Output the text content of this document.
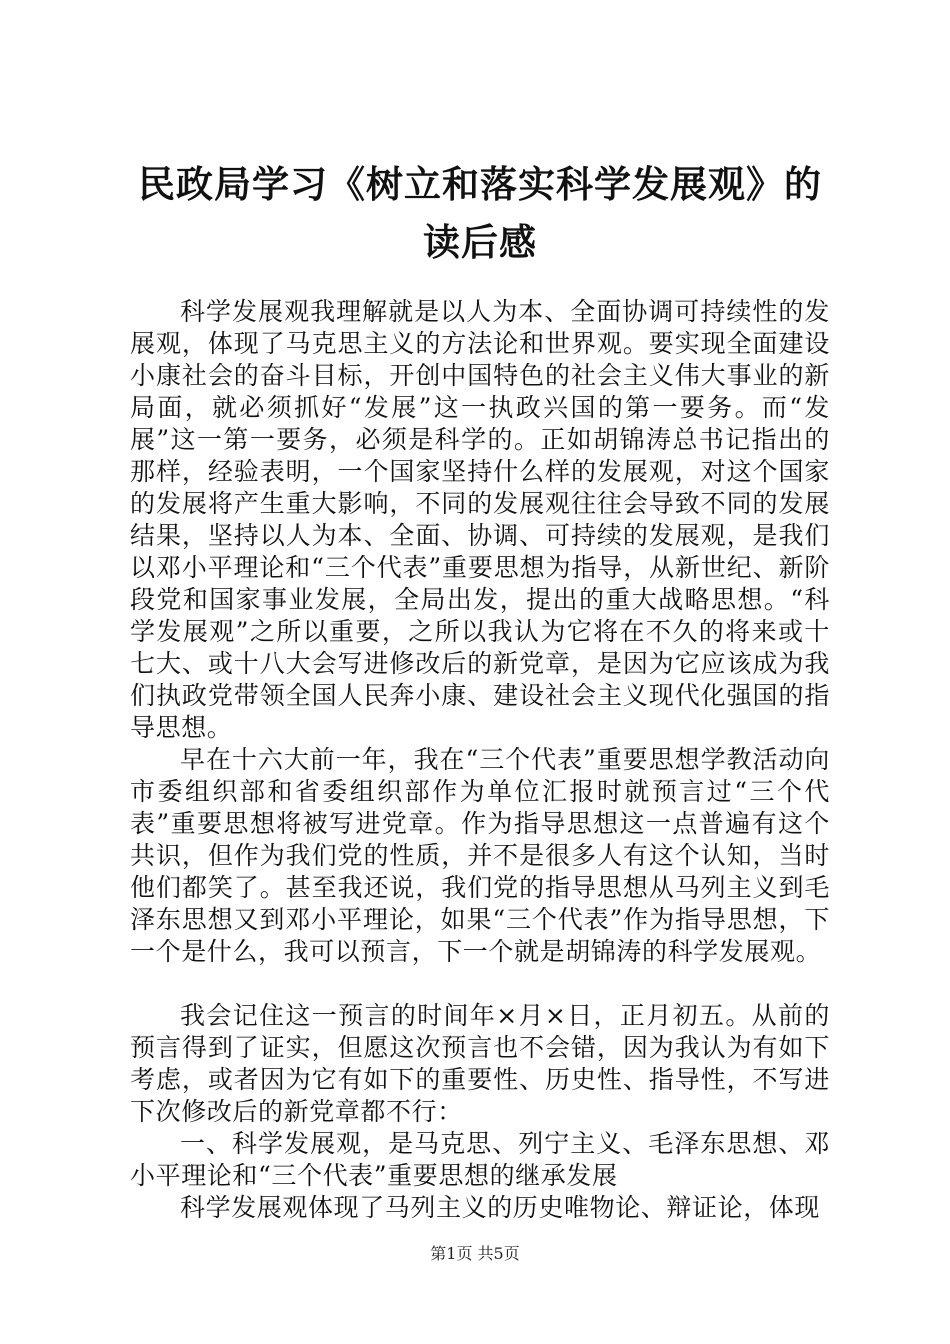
民政局学习《树立和落实科学发展观》的读后感

科学发展观我理解就是以人为本、全面协调可持续性的发展观，体现了马克思主义的方法论和世界观。要实现全面建设小康社会的奋斗目标，开创中国特色的社会主义伟大事业的新局面，就必须抓好“发展”这一执政兴国的第一要务。而“发展”这一第一要务，必须是科学的。正如胡锦涛总书记指出的那样，经验表明，一个国家坚持什么样的发展观，对这个国家的发展将产生重大影响，不同的发展观往往会导致不同的发展结果，坚持以人为本、全面、协调、可持续的发展观，是我们以邓小平理论和“三个代表”重要思想为指导，从新世纪、新阶段党和国家事业发展，全局出发，提出的重大战略思想。“科学发展观”之所以重要，之所以我认为它将在不久的将来或十七大、或十八大会写进修改后的新党章，是因为它应该成为我们执政党带领全国人民奔小康、建设社会主义现代化强国的指导思想。

早在十六大前一年，我在“三个代表”重要思想学教活动向市委组织部和省委组织部作为单位汇报时就预言过“三个代表”重要思想将被写进党章。作为指导思想这一点普遍有这个共识，但作为我们党的性质，并不是很多人有这个认知，当时他们都笑了。甚至我还说，我们党的指导思想从马列主义到毛泽东思想又到邓小平理论，如果“三个代表”作为指导思想，下一个是什么，我可以预言，下一个就是胡锦涛的科学发展观。

我会记住这一预言的时间年×月×日，正月初五。从前的预言得到了证实，但愿这次预言也不会错，因为我认为有如下考虑，或者因为它有如下的重要性、历史性、指导性，不写进下次修改后的新党章都不行：

一、科学发展观，是马克思、列宁主义、毛泽东思想、邓小平理论和“三个代表”重要思想的继承发展

科学发展观体现了马列主义的历史唯物论、辩证论，体现

第1页 共5页
